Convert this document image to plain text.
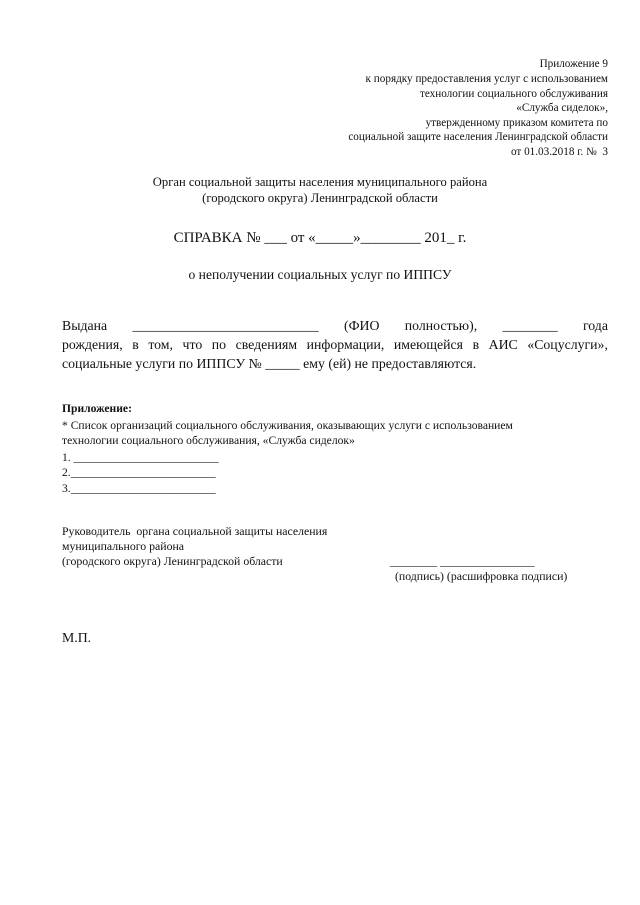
Приложение 9
к порядку предоставления услуг с использованием
технологии социального обслуживания
«Служба сиделок»,
утвержденному приказом комитета по
социальной защите населения Ленинградской области
от 01.03.2018 г. №  3
Орган социальной защиты населения муниципального района
(городского округа) Ленинградской области
СПРАВКА № ___ от «_____»________ 201_ г.
о неполучении социальных услуг по ИППСУ
Выдана ___________________________ (ФИО полностью), ________ года
рождения, в том, что по сведениям информации, имеющейся в АИС «Соцуслуги»,
социальные услуги по ИППСУ № _____ ему (ей) не предоставляются.
Приложение:
* Список организаций социального обслуживания, оказывающих услуги с использованием
технологии социального обслуживания, «Служба сиделок»
1. _________________________
2._________________________
3._________________________
Руководитель  органа социальной защиты населения
муниципального района
(городского округа) Ленинградской области	________ ________________
(подпись) (расшифровка подписи)
М.П.
